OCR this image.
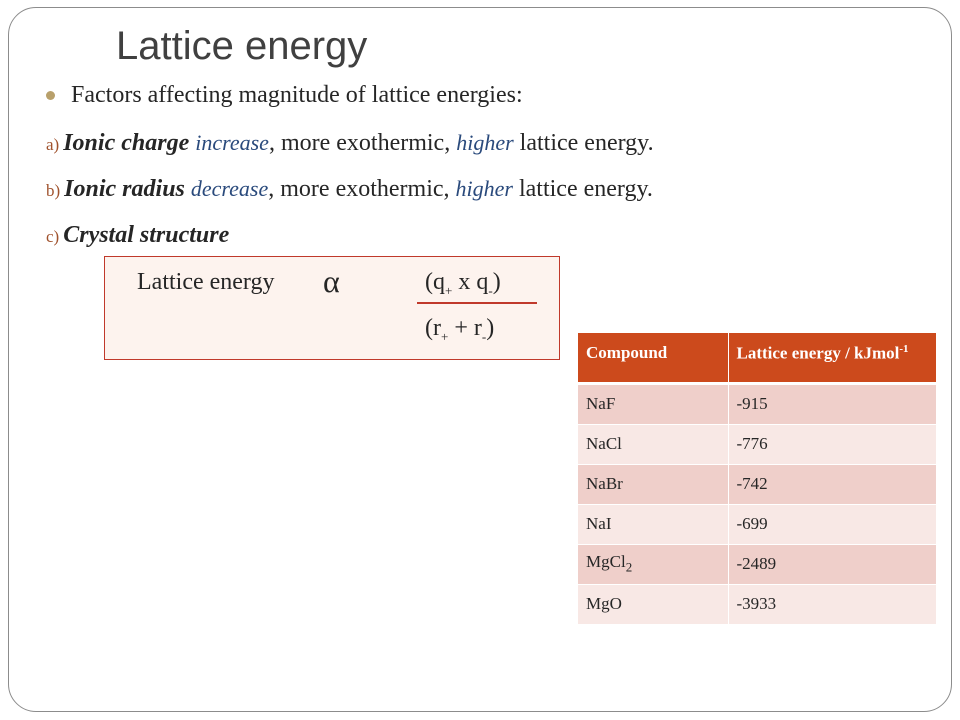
Lattice energy
Factors affecting magnitude of lattice energies:
a) Ionic charge increase, more exothermic, higher lattice energy.
b) Ionic radius decrease, more exothermic, higher lattice energy.
c) Crystal structure
Lattice energy α	($q_+$ x $q_-$)
$(r_+ + r_-)$
Compound	Lattice energy / kJmol$^{-1}$
NaF	-915
NaCl	-776
NaBr	-742
NaI	-699
MgCl$_2$	-2489
MgO	-3933
